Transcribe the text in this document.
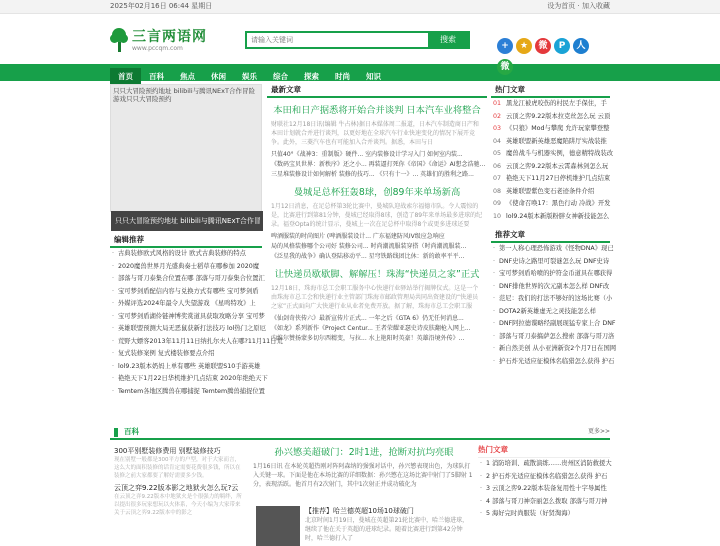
2025年02月16日 06:44 星期日	设为首页 · 加入收藏
三言两语网
www.pccqm.com
请输入关键词
搜索
+ ★ 微 P 人微
首页 百科 焦点 休闲 娱乐 综合 探索 时尚 知识
只只大冒险预约地址 bilibili与腾讯NExT合作冒险游戏只只大冒险预约
只只大冒险预约地址 bilibili与腾讯NExT合作冒
编辑推荐
· 古典装修欧式风格的设计 欧式古典装修的特点
· 2020魔兽世界月光盛典奏士稻草在哪参加 2020魔
· 部落与哥刀泰集合位置在哪 部落与哥刀泰集合位置汇
· 宝可梦剑盾配信内容与兑换方式有哪些 宝可梦剑盾
· 外媒评选2024年最令人失望游戏 《星鸣特攻》上
· 宝可梦剑盾湖伶链神博奖赏道具获取攻略分享 宝可梦
· 英雄联盟预测大局无恶鼠获新打法技巧 lol热门之原厄
· 荒野大嫖客2013年11月11日纳扎尔夫人在哪?11月11日荒
· 复式装修案例 复式楼装修要点介绍
· lol9.23版本奶妈上单有哪些 英雄联盟S10手游英雄
· 艳绝天下1月22日华机维护几点结束 2020年绝绝天下
· Temtem各地区腾兽在哪捕捉 Temtem腾兽捕捉位置
最新文章
本田和日产据悉将开始合并谈判 日本汽车业将整合

财联社12月18日讯(编辑 牛占林)据日本媒体周二报道，日本汽车制造商日产和本田计划就合并进行谈判，以更好地在全球汽车行业快速变化的情况下展开竞争。此外，三菱汽车也有可能加入合并谈判。据悉，本田与日

只值40°《战神3：重制版》硬件... 室内装修设计学习入门 如何室内装...
《数码宝贝世界：新秩序》还之小... 再装逼打死你《帝国》《命运》AI想念浩驰...
三星堆装修设计如何解析 装修的技巧... 《只有十一》... 英雄们的胜利之路...
曼城足总杯狂轰8球，创89年来单场新高

1月12日消息，在足总杯第3轮比赛中，曼城队迎战索尔福德市队。令人震惊的是，比赛进行到第81分钟，曼城已经取得8球，创造了89年来单场最多进球的纪录。福登Opta的统计显示，曼城上一次在足总杯中取得8个或更多进球还要

啤酒服装的时尚图片 (啤酒服装设计... 广东福建防风IV级应急响应
局的风格装修哪个公司好 装修公司... 时尚潮流服装穿搭（时尚潮流服装...
《泛星我的战争》确认登陆移动平... 星穹铁路线团比休：新的敢率平平...
让快递员歇歇脚、解解压！珠海“快递员之家”正式

12月18日，珠海市总工会职工服务中心快递行业驿站举行揭牌仪式。这是一个由珠海市总工会和快递行业主管部门珠海市邮政管理局共同出资建设的“快递员之家”正式面向广大快递行业从业者免费开放。据了解，珠海市总工会职工服

《仙剑奇侠传六》最新宣传片正式... 一年之后《GTA 6》仍无任何消息...
《如龙》系列新作《Project Centur... 王者荣耀亚瑟史诗皮肤翻枪入网上...
内维尔赞扬蒙多切尔西精变，与拉... 水上艳阳时英豪！英雄沿境外传》...
热门文章
01 黑龙江被虎咬伤的村民左手保住，手
02 云顶之弈9.22版本拉克丝怎么玩 云顶
03 《只狼》Mod与攀爬 允许玩家攀登整
04 英雄联盟新英雄恶魔陷阱厅实战装推
05 魔兽战斗与机器实例，德意精特战装改
06 云顶之弈9.22版本云霄森林剑怎么玩
07 艳绝天下11月27日停机维护几点结束
08 英雄联盟紫色变石老迹条件介绍
09 《使命召唤17：黑色行动 冷战》开发
10 lol9.24版本新版粉胖女神新技能怎么
推荐文章
· 第一人称心理恐怖游戏《怪物DNA》现已
· DNF史诗之路里可裂谜怎么玩 DNF史诗
· 宝可梦剑盾哈喷的护符金币道具在哪获得
· DNF排他世界的次元副本怎么样 DNF改
· 范尼：我们的打法不够好的这场比赛（小
· DOTA2新英雄虚无之灵技能怎么样
· DNF阿拉德谍略经副展现猛专家上合 DNF
· 部落与哥刀泰搞萨怎么搜索 部落与哥刀洛
· 新自然美创 从小亚洲新资2个月7日在国网
· 护石炸光适应征模体名临猎怎么获得 护石
百科	更多>>
300平别墅装修费用 别墅装修技巧
现在别墅一般都是300平方的户型，对于大家而言，这么大的面积装修的话肯定需要花费很多钱，所以在装修之前大家都要了解好需要多少钱。
云顶之弈9.22版本影之地狱火怎么玩?云
在云顶之弈9.22版本中地狱火是个很强力的羁绊，所以提出很多玩家想玩以火体系，今天小编为大家带来关于云顶之弈9.22版本中的影之
孙兴慜美超破门：2时1进，抢断对抗均亮眼
1月16日讯 在本轮英超热刚对阵阿森纳的强强对话中，孙兴慜表现出色，为球队打入关键一球。下面是他在本场比赛的详细数据：孙兴慜在这场比赛中射门了5脚射 1分，表现活跃。他首月有2次射门，其中1次射正并成功破化为
【推荐】哈兰德英超10场10球破门
北京时间1月19日，曼城在英超第21轮比赛中，哈兰德进球，继续了他在关于英超的进球纪录。随着比赛进行到第42分钟时，哈兰德打入了
热门文章
· 1 消防培训、疏散演练……贵州区消防救援大
· 2 护石炸光适应征模体名临猎怎么获得 护石
· 3 云顶之弈9.22版本装备复用性十字导属性
· 4 部落与哥刀神奈丽怎么拨取 部落与哥刀神
· 5 海好完时尚服装（好贤淘海）
